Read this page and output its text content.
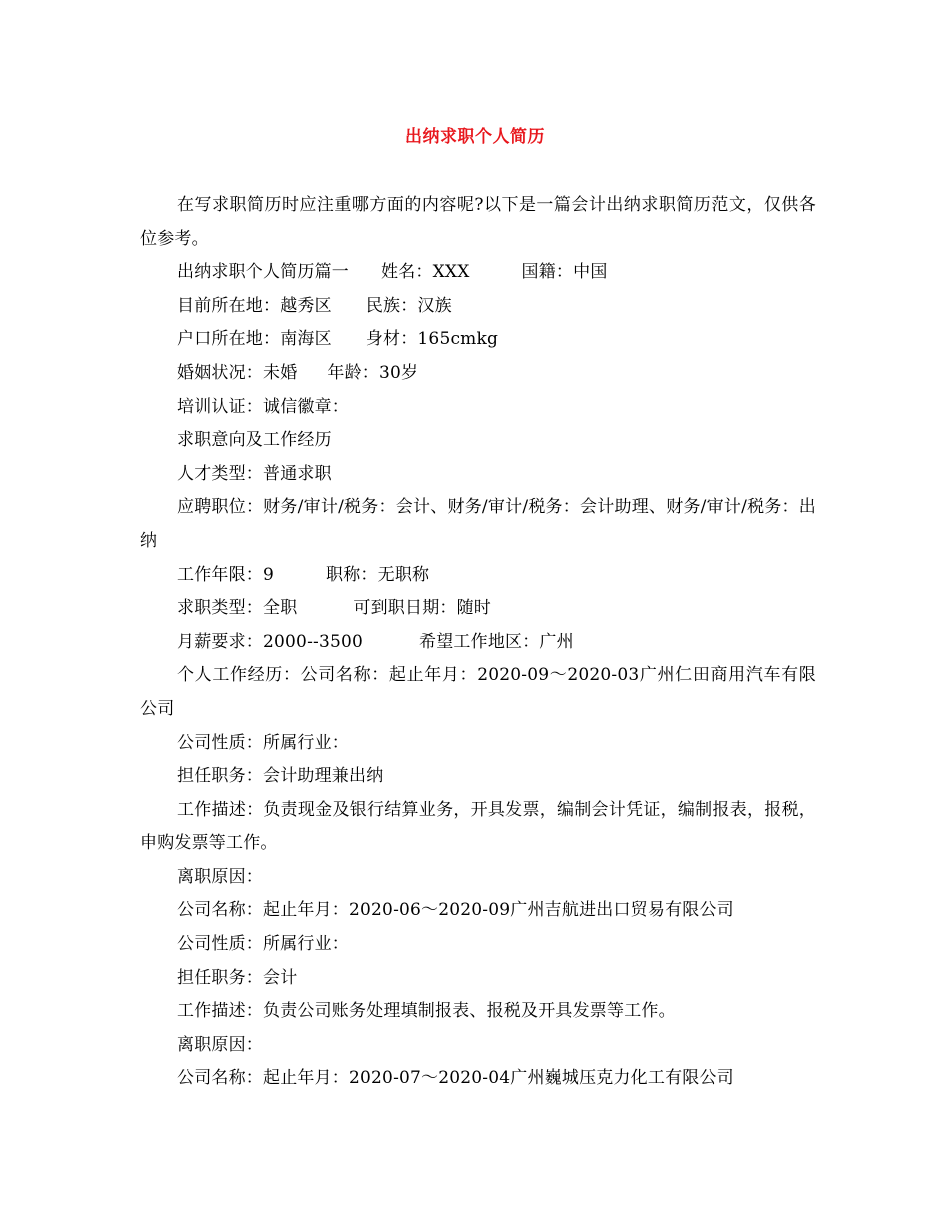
出纳求职个人简历

在写求职简历时应注重哪方面的内容呢?以下是一篇会计出纳求职简历范文，仅供各位参考。

出纳求职个人简历篇一 姓名：XXX	国籍：中国

目前所在地：越秀区 民族：汉族

户口所在地：南海区 身材：165cmkg

婚姻状况：未婚 年龄：30岁

培训认证：诚信徽章：

求职意向及工作经历

人才类型：普通求职

应聘职位：财务/审计/税务：会计、财务/审计/税务：会计助理、财务/审计/税务：出纳

工作年限：9	职称：无职称

求职类型：全职	可到职日期：随时

月薪要求：2000--3500	希望工作地区：广州

个人工作经历：公司名称：起止年月：2020-09～2020-03广州仁田商用汽车有限公司

公司性质：所属行业：

担任职务：会计助理兼出纳

工作描述：负责现金及银行结算业务，开具发票，编制会计凭证，编制报表，报税，申购发票等工作。

离职原因：

公司名称：起止年月：2020-06～2020-09广州吉航进出口贸易有限公司

公司性质：所属行业：

担任职务：会计

工作描述：负责公司账务处理填制报表、报税及开具发票等工作。

离职原因：

公司名称：起止年月：2020-07～2020-04广州巍城压克力化工有限公司
